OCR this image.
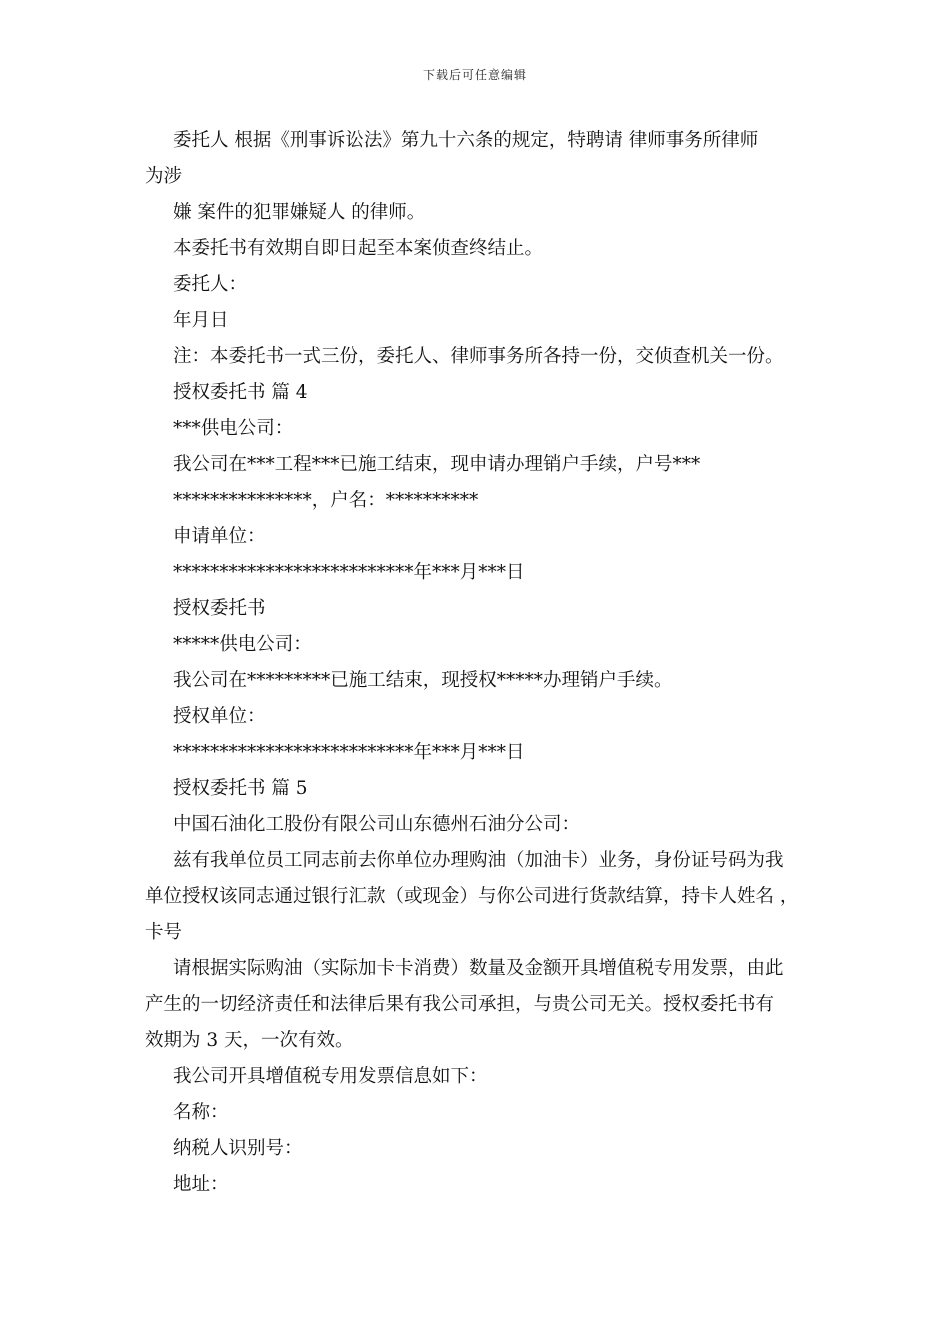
下载后可任意编辑

委托人 根据《刑事诉讼法》第九十六条的规定，特聘请 律师事务所律师

为涉

嫌 案件的犯罪嫌疑人 的律师。

本委托书有效期自即日起至本案侦查终结止。

委托人：

年月日

注：本委托书一式三份，委托人、律师事务所各持一份，交侦查机关一份。

授权委托书 篇 4

***供电公司：

我公司在***工程***已施工结束，现申请办理销户手续，户号***

***************，户名：**********

申请单位：

**************************年***月***日

授权委托书

*****供电公司：

我公司在*********已施工结束，现授权*****办理销户手续。

授权单位：

**************************年***月***日

授权委托书 篇 5

中国石油化工股份有限公司山东德州石油分公司：

兹有我单位员工同志前去你单位办理购油（加油卡）业务，身份证号码为我

单位授权该同志通过银行汇款（或现金）与你公司进行货款结算，持卡人姓名 ，

卡号

请根据实际购油（实际加卡卡消费）数量及金额开具增值税专用发票，由此

产生的一切经济责任和法律后果有我公司承担，与贵公司无关。授权委托书有

效期为 3 天，一次有效。

我公司开具增值税专用发票信息如下：

名称：

纳税人识别号：

地址：
